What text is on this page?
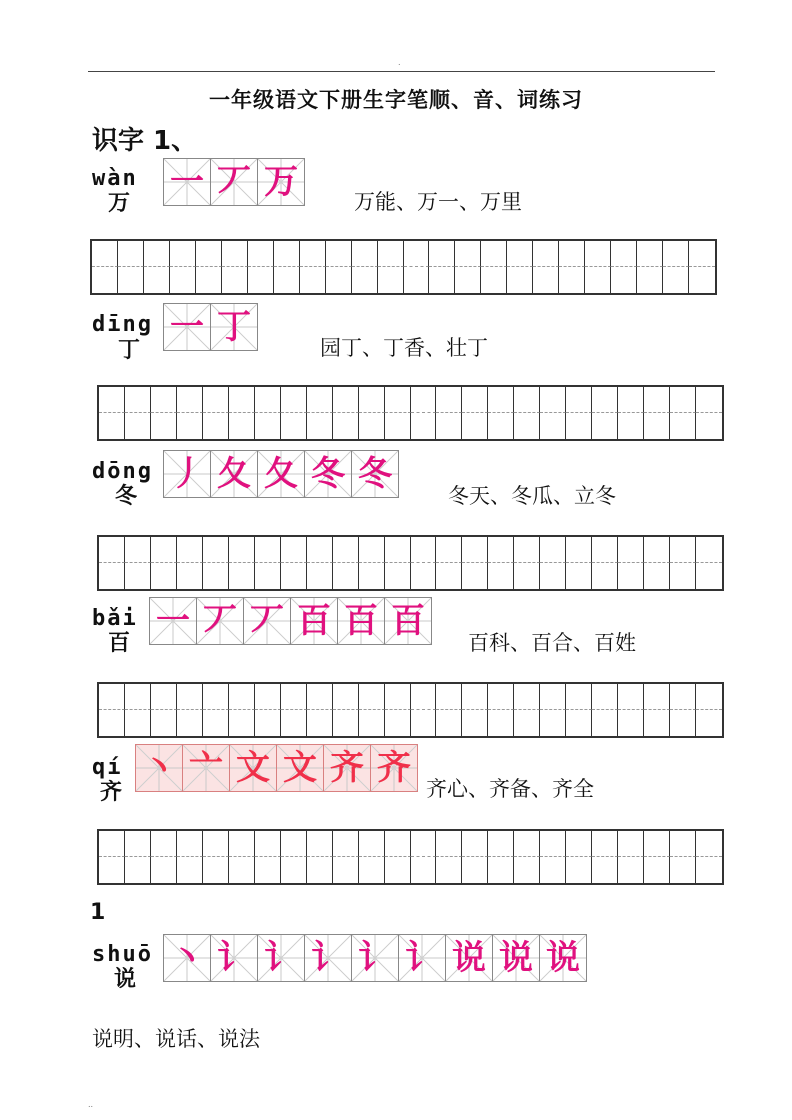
.
一年级语文下册生字笔顺、音、词练习
识字 1、
wàn
万
一 丆 万	万能、万一、万里
dīng
丁
一 丁
园丁、丁香、壮丁
dōng
冬
丿 夂 夂 冬 冬
冬天、冬瓜、立冬
bǎi
百
一 丆 丆 百 百 百
百科、百合、百姓
qí
齐
丶 亠 文 文 齐 齐
齐心、齐备、齐全
1
shuō
说
丶 讠 讠 讠 讠 讠 说 说 说
说明、说话、说法
..
